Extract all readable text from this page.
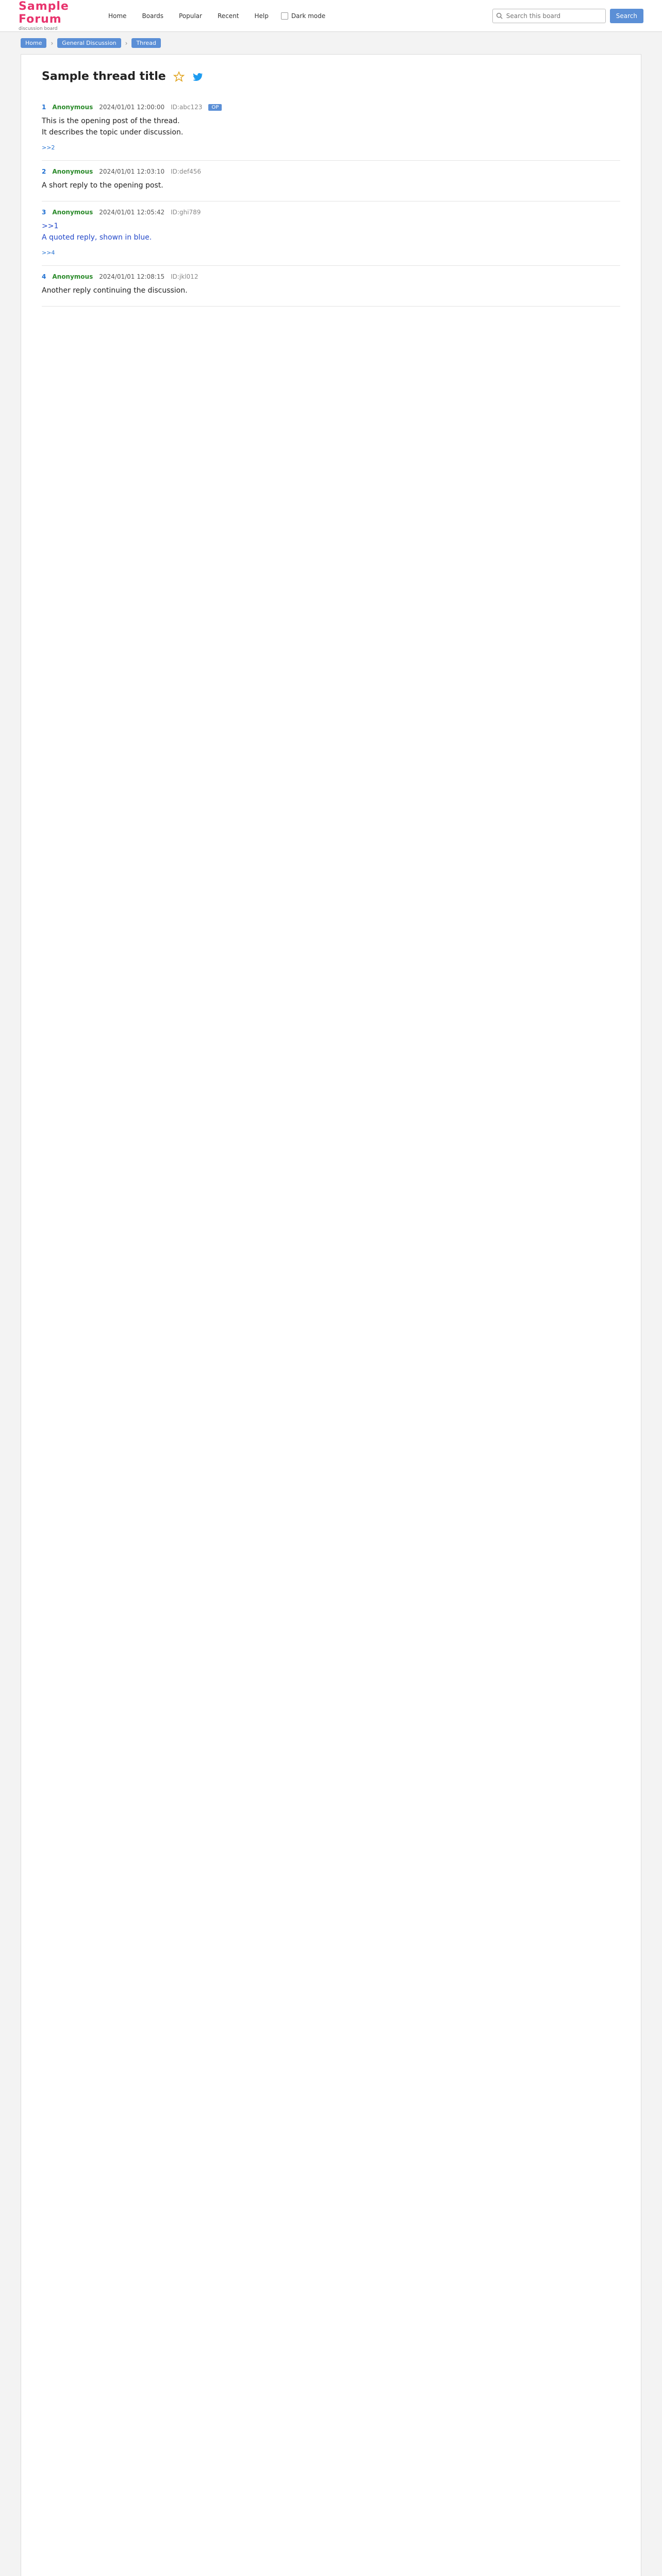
Sample Forum
discussion board
Home	Boards	Popular	Recent	Help	Dark mode
Search this board	Search
Home	›	General Discussion	›	Thread
Sample thread title
1 Anonymous 2024/01/01 12:00:00 ID:abc123	OP
This is the opening post of the thread.
It describes the topic under discussion.
>>2
2 Anonymous 2024/01/01 12:03:10 ID:def456
A short reply to the opening post.
3 Anonymous 2024/01/01 12:05:42 ID:ghi789
>>1
A quoted reply, shown in blue.
>>4
4 Anonymous 2024/01/01 12:08:15 ID:jkl012
Another reply continuing the discussion.
